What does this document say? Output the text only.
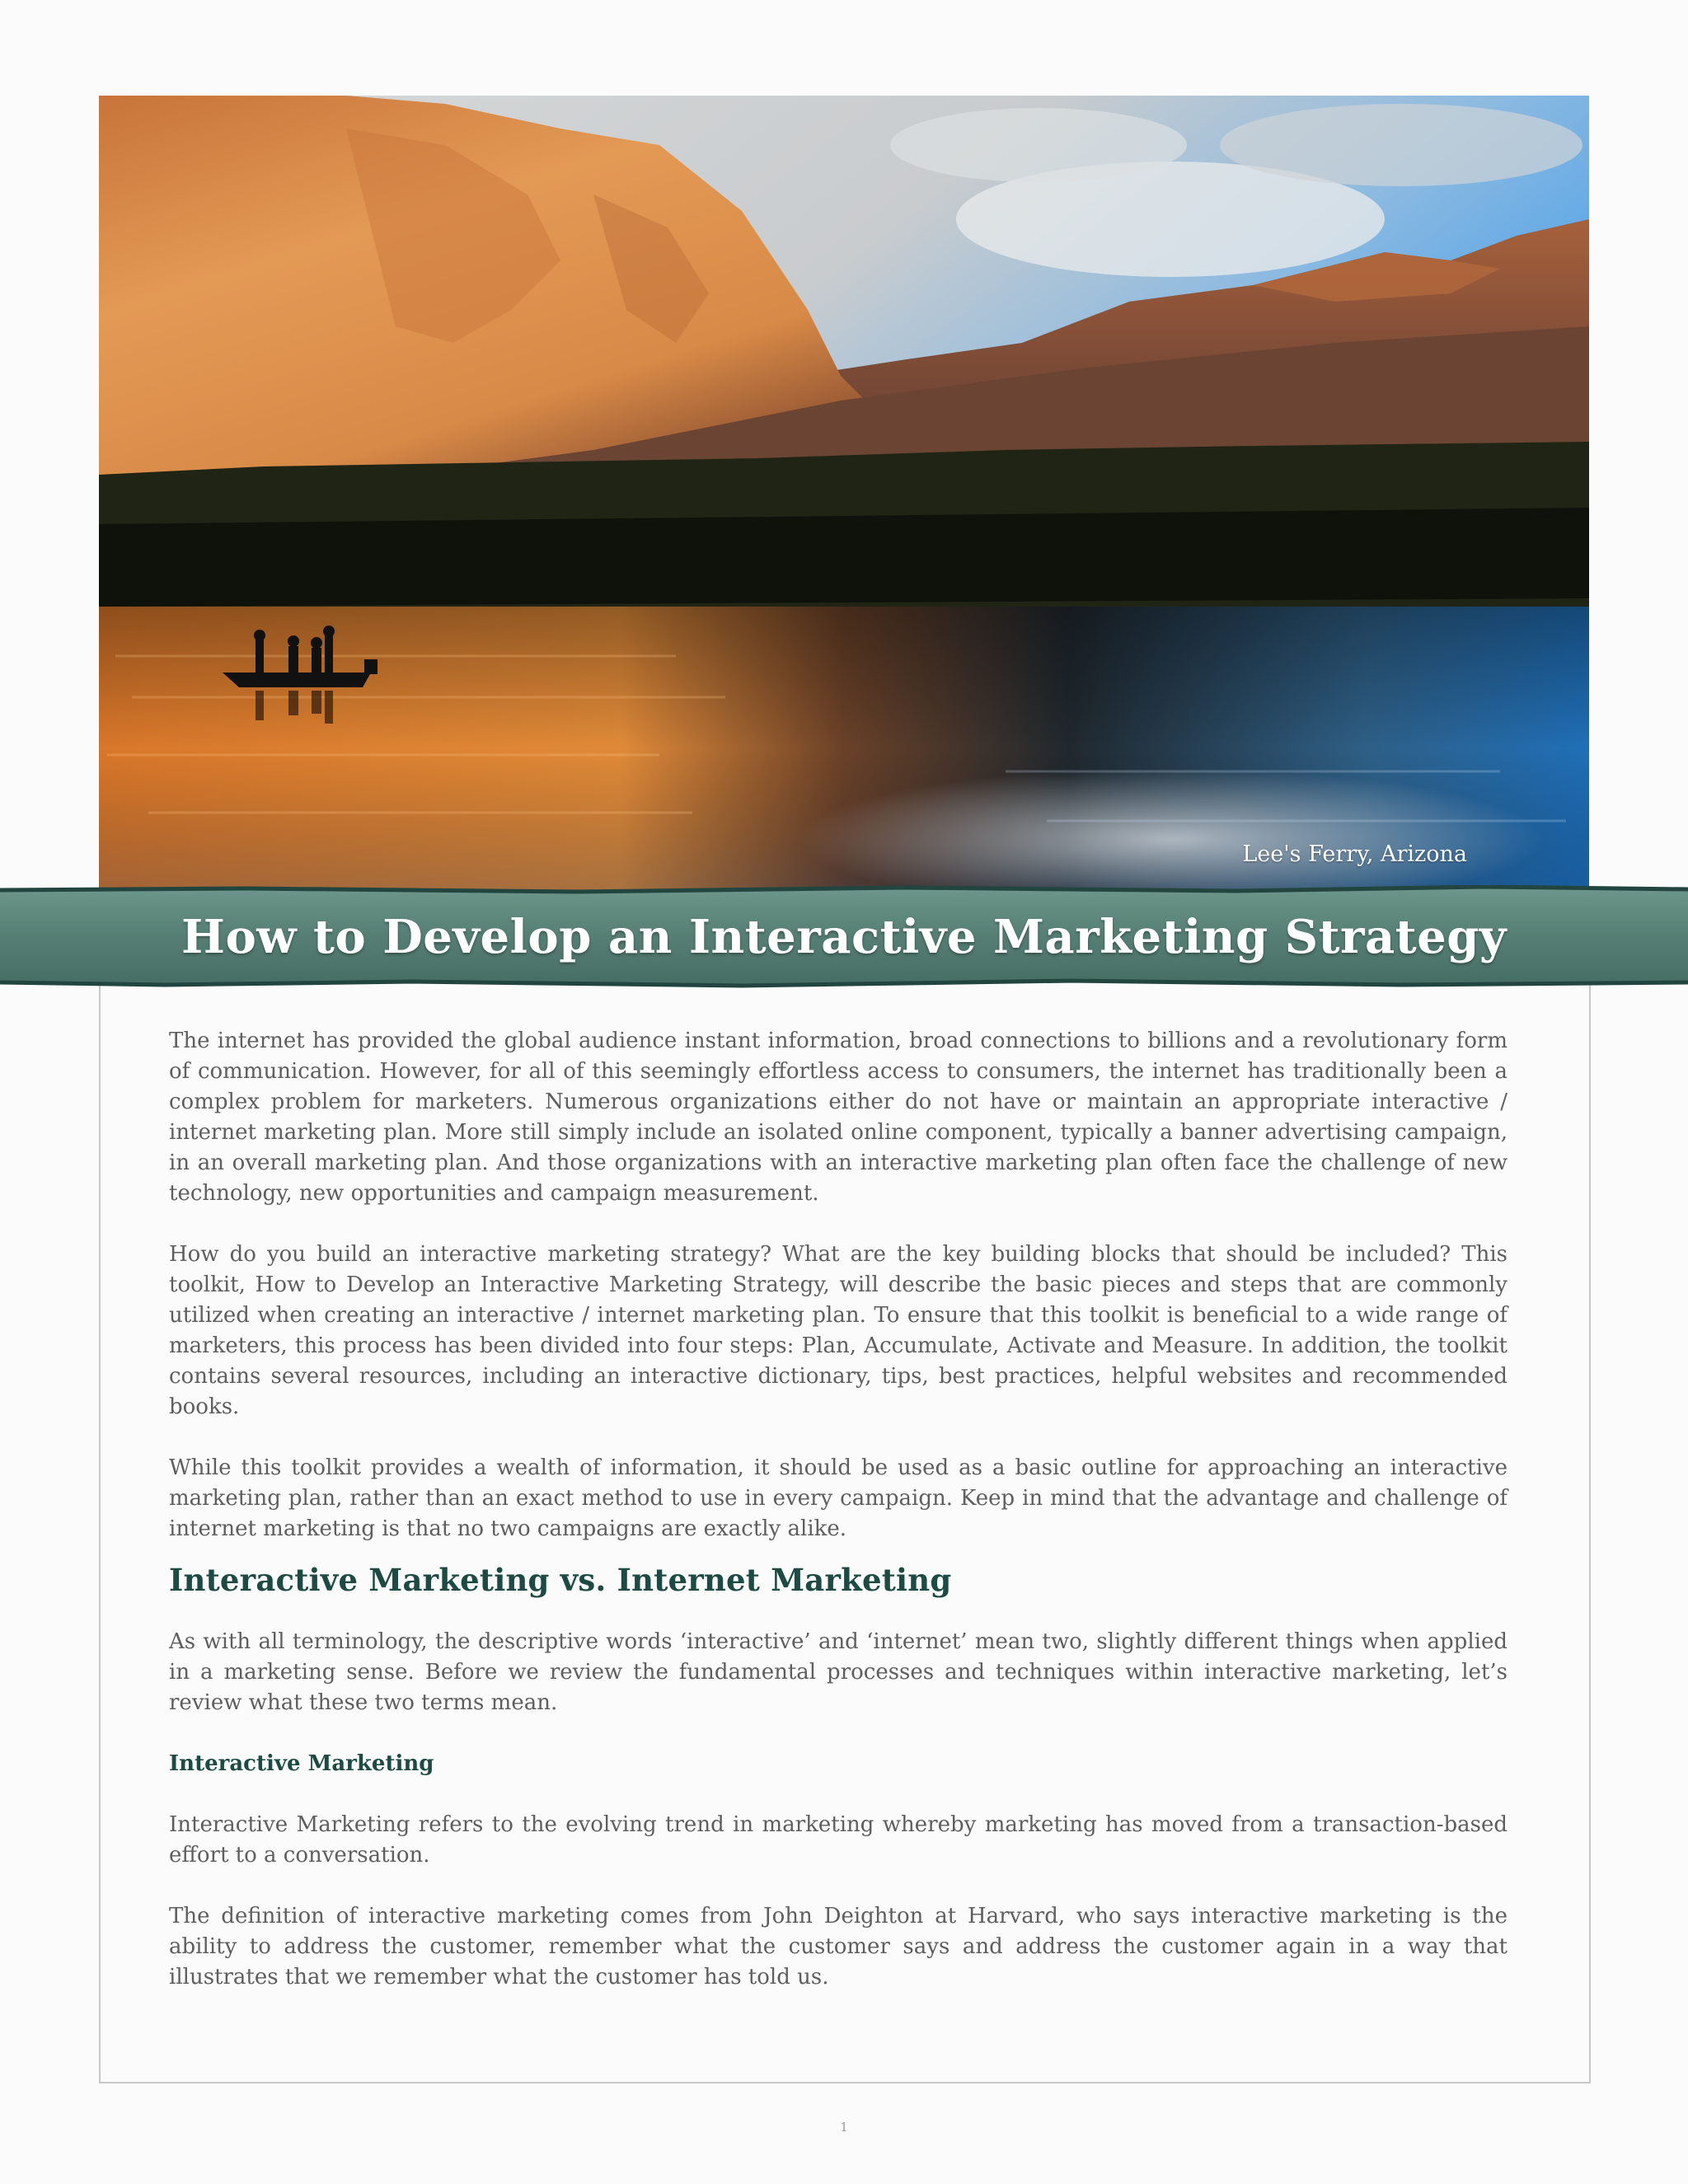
Lee's Ferry, Arizona
How to Develop an Interactive Marketing Strategy

The internet has provided the global audience instant information, broad connections to billions and a revolutionary form of communication. However, for all of this seemingly effortless access to consumers, the internet has traditionally been a complex problem for marketers. Numerous organizations either do not have or maintain an appropriate interactive / internet marketing plan. More still simply include an isolated online component, typically a banner advertising campaign, in an overall marketing plan. And those organizations with an interactive marketing plan often face the challenge of new technology, new opportunities and campaign measurement.

How do you build an interactive marketing strategy? What are the key building blocks that should be included? This toolkit, How to Develop an Interactive Marketing Strategy, will describe the basic pieces and steps that are commonly utilized when creating an interactive / internet marketing plan. To ensure that this toolkit is beneficial to a wide range of marketers, this process has been divided into four steps: Plan, Accumulate, Activate and Measure. In addition, the toolkit contains several resources, including an interactive dictionary, tips, best practices, helpful websites and recommended books.

While this toolkit provides a wealth of information, it should be used as a basic outline for approaching an interactive marketing plan, rather than an exact method to use in every campaign. Keep in mind that the advantage and challenge of internet marketing is that no two campaigns are exactly alike.

Interactive Marketing vs. Internet Marketing

As with all terminology, the descriptive words ‘interactive’ and ‘internet’ mean two, slightly different things when applied in a marketing sense. Before we review the fundamental processes and techniques within interactive marketing, let’s review what these two terms mean.

Interactive Marketing

Interactive Marketing refers to the evolving trend in marketing whereby marketing has moved from a transaction-based effort to a conversation.

The definition of interactive marketing comes from John Deighton at Harvard, who says interactive marketing is the ability to address the customer, remember what the customer says and address the customer again in a way that illustrates that we remember what the customer has told us.

1
